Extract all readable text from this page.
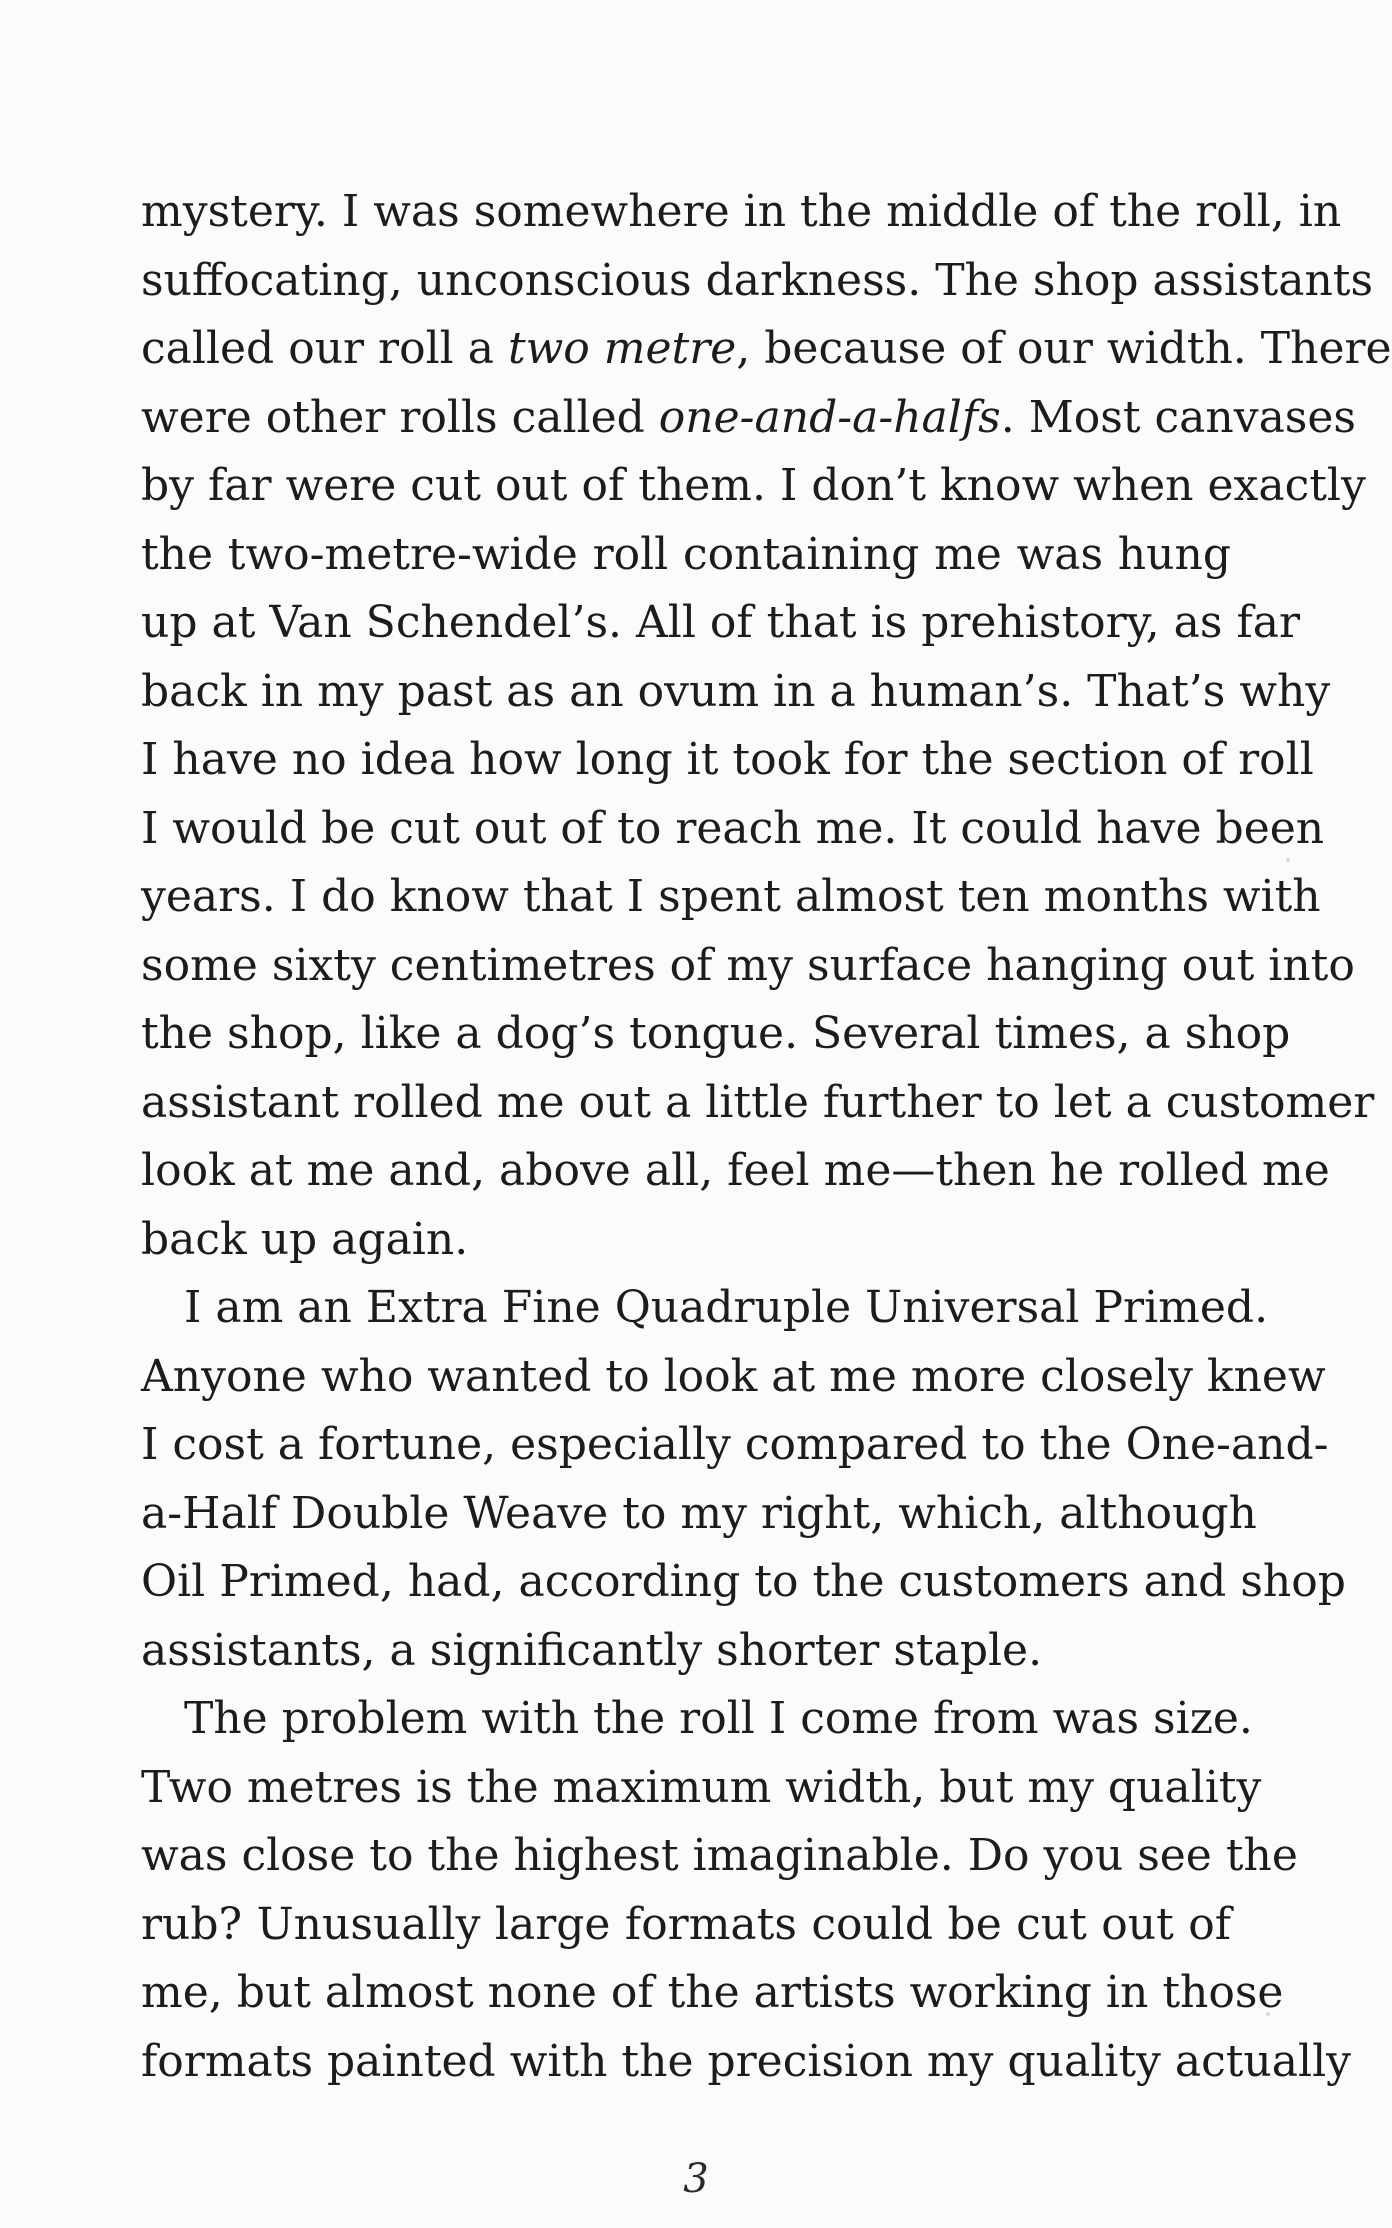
mystery. I was somewhere in the middle of the roll, in
suffocating, unconscious darkness. The shop assistants
called our roll a two metre, because of our width. There
were other rolls called one-and-a-halfs. Most canvases
by far were cut out of them. I don’t know when exactly
the two-metre-wide roll containing me was hung
up at Van Schendel’s. All of that is prehistory, as far
back in my past as an ovum in a human’s. That’s why
I have no idea how long it took for the section of roll
I would be cut out of to reach me. It could have been
years. I do know that I spent almost ten months with
some sixty centimetres of my surface hanging out into
the shop, like a dog’s tongue. Several times, a shop
assistant rolled me out a little further to let a customer
look at me and, above all, feel me—then he rolled me
back up again.
I am an Extra Fine Quadruple Universal Primed.
Anyone who wanted to look at me more closely knew
I cost a fortune, especially compared to the One-and-
a-Half Double Weave to my right, which, although
Oil Primed, had, according to the customers and shop
assistants, a significantly shorter staple.
The problem with the roll I come from was size.
Two metres is the maximum width, but my quality
was close to the highest imaginable. Do you see the
rub? Unusually large formats could be cut out of
me, but almost none of the artists working in those
formats painted with the precision my quality actually
3
